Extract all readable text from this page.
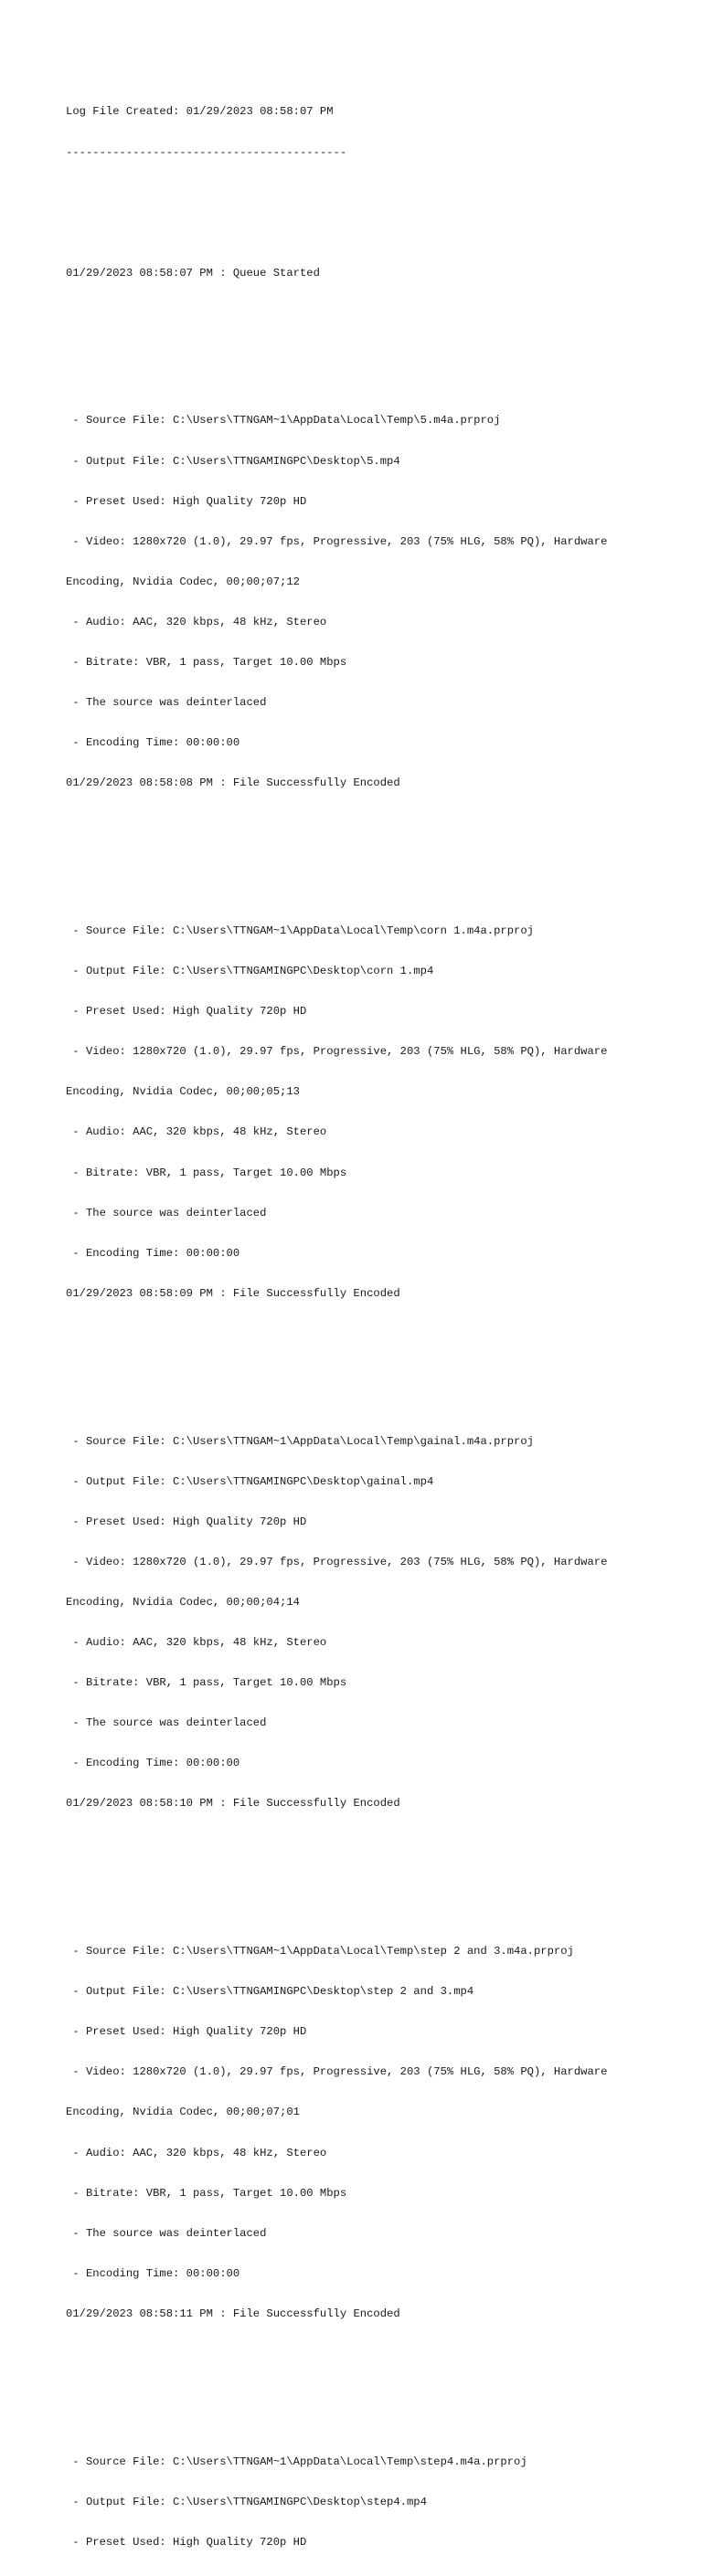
Log File Created: 01/29/2023 08:58:07 PM

------------------------------------------

01/29/2023 08:58:07 PM : Queue Started

- Source File: C:\Users\TTNGAM~1\AppData\Local\Temp\5.m4a.prproj

- Output File: C:\Users\TTNGAMINGPC\Desktop\5.mp4

- Preset Used: High Quality 720p HD

- Video: 1280x720 (1.0), 29.97 fps, Progressive, 203 (75% HLG, 58% PQ), Hardware

Encoding, Nvidia Codec, 00;00;07;12

- Audio: AAC, 320 kbps, 48 kHz, Stereo

- Bitrate: VBR, 1 pass, Target 10.00 Mbps

- The source was deinterlaced

- Encoding Time: 00:00:00

01/29/2023 08:58:08 PM : File Successfully Encoded

- Source File: C:\Users\TTNGAM~1\AppData\Local\Temp\corn 1.m4a.prproj

- Output File: C:\Users\TTNGAMINGPC\Desktop\corn 1.mp4

- Preset Used: High Quality 720p HD

- Video: 1280x720 (1.0), 29.97 fps, Progressive, 203 (75% HLG, 58% PQ), Hardware

Encoding, Nvidia Codec, 00;00;05;13

- Audio: AAC, 320 kbps, 48 kHz, Stereo

- Bitrate: VBR, 1 pass, Target 10.00 Mbps

- The source was deinterlaced

- Encoding Time: 00:00:00

01/29/2023 08:58:09 PM : File Successfully Encoded

- Source File: C:\Users\TTNGAM~1\AppData\Local\Temp\gainal.m4a.prproj

- Output File: C:\Users\TTNGAMINGPC\Desktop\gainal.mp4

- Preset Used: High Quality 720p HD

- Video: 1280x720 (1.0), 29.97 fps, Progressive, 203 (75% HLG, 58% PQ), Hardware

Encoding, Nvidia Codec, 00;00;04;14

- Audio: AAC, 320 kbps, 48 kHz, Stereo

- Bitrate: VBR, 1 pass, Target 10.00 Mbps

- The source was deinterlaced

- Encoding Time: 00:00:00

01/29/2023 08:58:10 PM : File Successfully Encoded

- Source File: C:\Users\TTNGAM~1\AppData\Local\Temp\step 2 and 3.m4a.prproj

- Output File: C:\Users\TTNGAMINGPC\Desktop\step 2 and 3.mp4

- Preset Used: High Quality 720p HD

- Video: 1280x720 (1.0), 29.97 fps, Progressive, 203 (75% HLG, 58% PQ), Hardware

Encoding, Nvidia Codec, 00;00;07;01

- Audio: AAC, 320 kbps, 48 kHz, Stereo

- Bitrate: VBR, 1 pass, Target 10.00 Mbps

- The source was deinterlaced

- Encoding Time: 00:00:00

01/29/2023 08:58:11 PM : File Successfully Encoded

- Source File: C:\Users\TTNGAM~1\AppData\Local\Temp\step4.m4a.prproj

- Output File: C:\Users\TTNGAMINGPC\Desktop\step4.mp4

- Preset Used: High Quality 720p HD
